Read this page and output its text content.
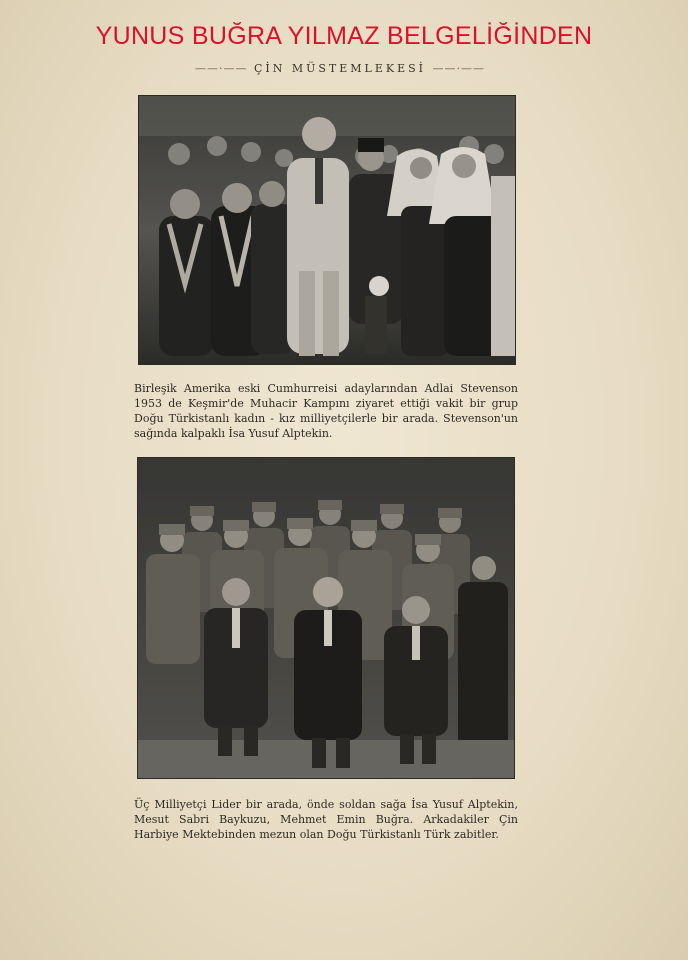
YUNUS BUĞRA YILMAZ BELGELİĞİNDEN
——·—— ÇİN MÜSTEMLEKESİ ——·——
Birleşik Amerika eski Cumhurreisi adaylarından Adlai Stevenson 1953 de Keşmir'de Muhacir Kampını ziyaret ettiği vakit bir grup Doğu Türkistanlı kadın - kız milliyetçilerle bir arada. Stevenson'un sağında kalpaklı İsa Yusuf Alptekin.
Üç Milliyetçi Lider bir arada, önde soldan sağa İsa Yusuf Alptekin, Mesut Sabri Baykuzu, Mehmet Emin Buğra. Arkadakiler Çin Harbiye Mektebinden mezun olan Doğu Türkistanlı Türk zabitler.
